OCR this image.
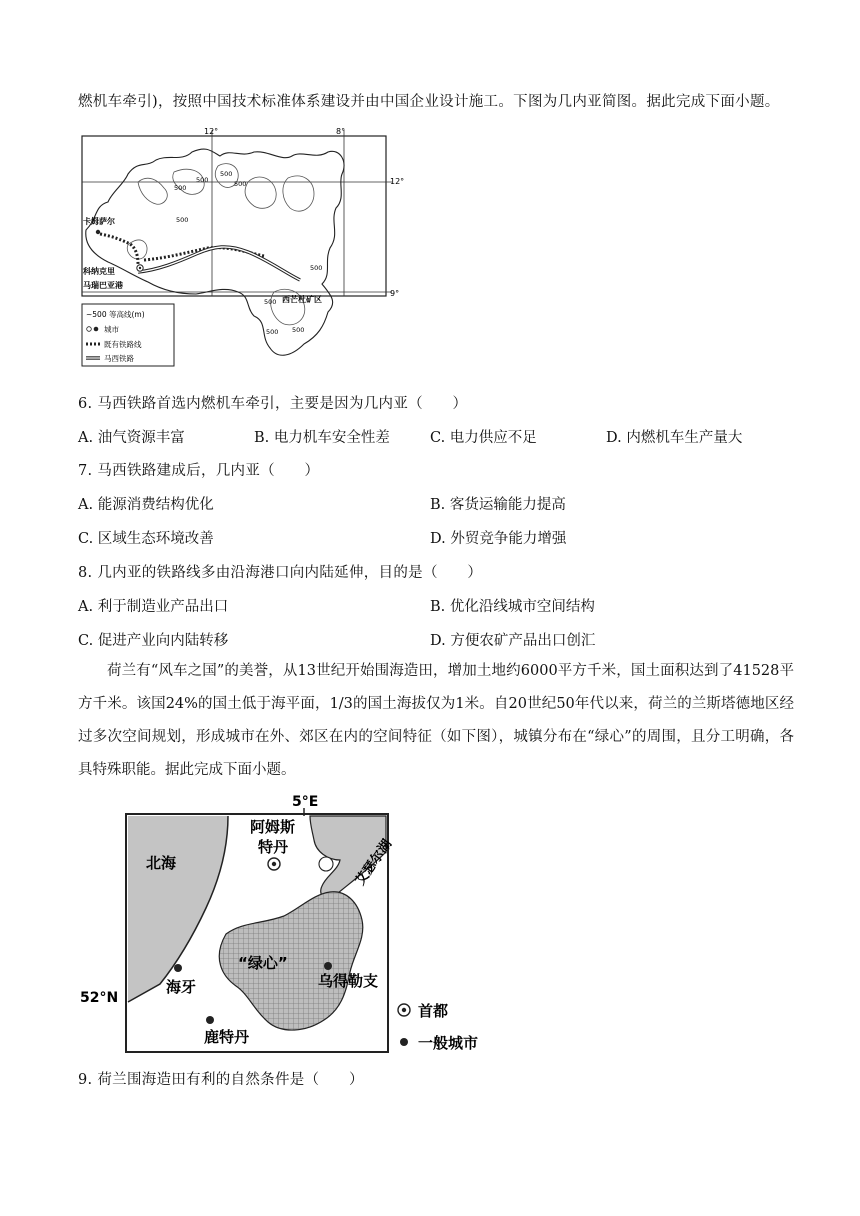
燃机车牵引)，按照中国技术标准体系建设并由中国企业设计施工。下图为几内亚简图。据此完成下面小题。
500
500
500	500
500
500
500
500
500
12°	8°
12°
9°
卡姆萨尔
科纳克里
马瑞巴亚港
西芒杜矿区
~500 等高线(m)
城市
既有铁路线
马西铁路
6. 马西铁路首选内燃机车牵引，主要是因为几内亚（　　）
A. 油气资源丰富	B. 电力机车安全性差	C. 电力供应不足	D. 内燃机车生产量大
7. 马西铁路建成后，几内亚（　　）
A. 能源消费结构优化	B. 客货运输能力提高
C. 区域生态环境改善	D. 外贸竞争能力增强
8. 几内亚的铁路线多由沿海港口向内陆延伸，目的是（　　）
A. 利于制造业产品出口	B. 优化沿线城市空间结构
C. 促进产业向内陆转移	D. 方便农矿产品出口创汇
荷兰有“风车之国”的美誉，从13世纪开始围海造田，增加土地约6000平方千米，国土面积达到了41528平方千米。该国24%的国土低于海平面，1/3的国土海拔仅为1米。自20世纪50年代以来，荷兰的兰斯塔德地区经过多次空间规划，形成城市在外、郊区在内的空间特征（如下图），城镇分布在“绿心”的周围，且分工明确，各具特殊职能。据此完成下面小题。
5°E
52°N
北海	艾瑟尔湖
阿姆斯
特丹
“绿心”
乌得勒支
海牙
鹿特丹
首都
一般城市
9. 荷兰围海造田有利的自然条件是（　　）
